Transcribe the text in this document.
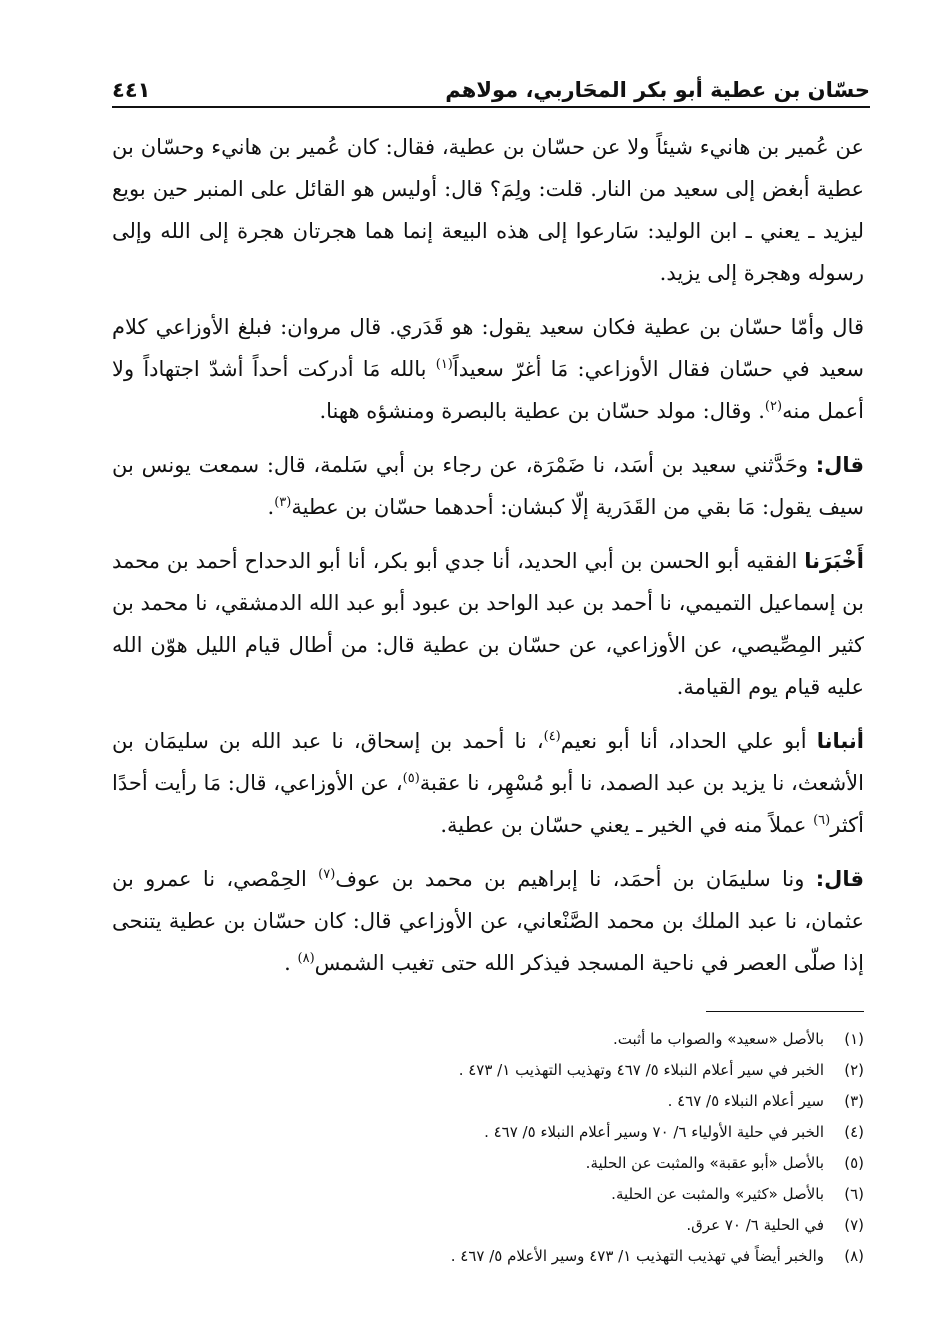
حسّان بن عطية أبو بكر المحَاربي، مولاهم
٤٤١

عن عُمير بن هانيء شيئاً ولا عن حسّان بن عطية، فقال: كان عُمير بن هانيء وحسّان بن عطية أبغض إلى سعيد من النار. قلت: ولِمَ؟ قال: أوليس هو القائل على المنبر حين بويع ليزيد ـ يعني ـ ابن الوليد: سَارعوا إلى هذه البيعة إنما هما هجرتان هجرة إلى الله وإلى رسوله وهجرة إلى يزيد.

قال وأمّا حسّان بن عطية فكان سعيد يقول: هو قَدَري. قال مروان: فبلغ الأوزاعي كلام سعيد في حسّان فقال الأوزاعي: مَا أغرّ سعيداً$^{(١)}$ بالله مَا أدركت أحداً أشدّ اجتهاداً ولا أعمل منه$^{(٢)}$. وقال: مولد حسّان بن عطية بالبصرة ومنشؤه ههنا.

قال: وحَدَّثني سعيد بن أسَد، نا ضَمْرَة، عن رجاء بن أبي سَلمة، قال: سمعت يونس بن سيف يقول: مَا بقي من القَدَرية إلّا كبشان: أحدهما حسّان بن عطية$^{(٣)}$.

أَخْبَرَنا الفقيه أبو الحسن بن أبي الحديد، أنا جدي أبو بكر، أنا أبو الدحداح أحمد بن محمد بن إسماعيل التميمي، نا أحمد بن عبد الواحد بن عبود أبو عبد الله الدمشقي، نا محمد بن كثير المِصِّيصي، عن الأوزاعي، عن حسّان بن عطية قال: من أطال قيام الليل هوّن الله عليه قيام يوم القيامة.

أنبانا أبو علي الحداد، أنا أبو نعيم$^{(٤)}$، نا أحمد بن إسحاق، نا عبد الله بن سليمَان بن الأشعث، نا يزيد بن عبد الصمد، نا أبو مُسْهِر، نا عقبة$^{(٥)}$، عن الأوزاعي، قال: مَا رأيت أحدًا أكثر$^{(٦)}$ عملاً منه في الخير ـ يعني حسّان بن عطية.

قال: ونا سليمَان بن أحمَد، نا إبراهيم بن محمد بن عوف$^{(٧)}$ الحِمْصي، نا عمرو بن عثمان، نا عبد الملك بن محمد الصَّنْعاني، عن الأوزاعي قال: كان حسّان بن عطية يتنحى إذا صلّى العصر في ناحية المسجد فيذكر الله حتى تغيب الشمس$^{(٨)}$ .

(١)
بالأصل «سعيد» والصواب ما أثبت.
(٢)
الخبر في سير أعلام النبلاء ٥/ ٤٦٧ وتهذيب التهذيب ١/ ٤٧٣ .
(٣)
سير أعلام النبلاء ٥/ ٤٦٧ .
(٤)
الخبر في حلية الأولياء ٦/ ٧٠ وسير أعلام النبلاء ٥/ ٤٦٧ .
(٥)
بالأصل «أبو عقبة» والمثبت عن الحلية.
(٦)
بالأصل «كثير» والمثبت عن الحلية.
(٧)
في الحلية ٦/ ٧٠ عرق.
(٨)
والخبر أيضاً في تهذيب التهذيب ١/ ٤٧٣ وسير الأعلام ٥/ ٤٦٧ .
